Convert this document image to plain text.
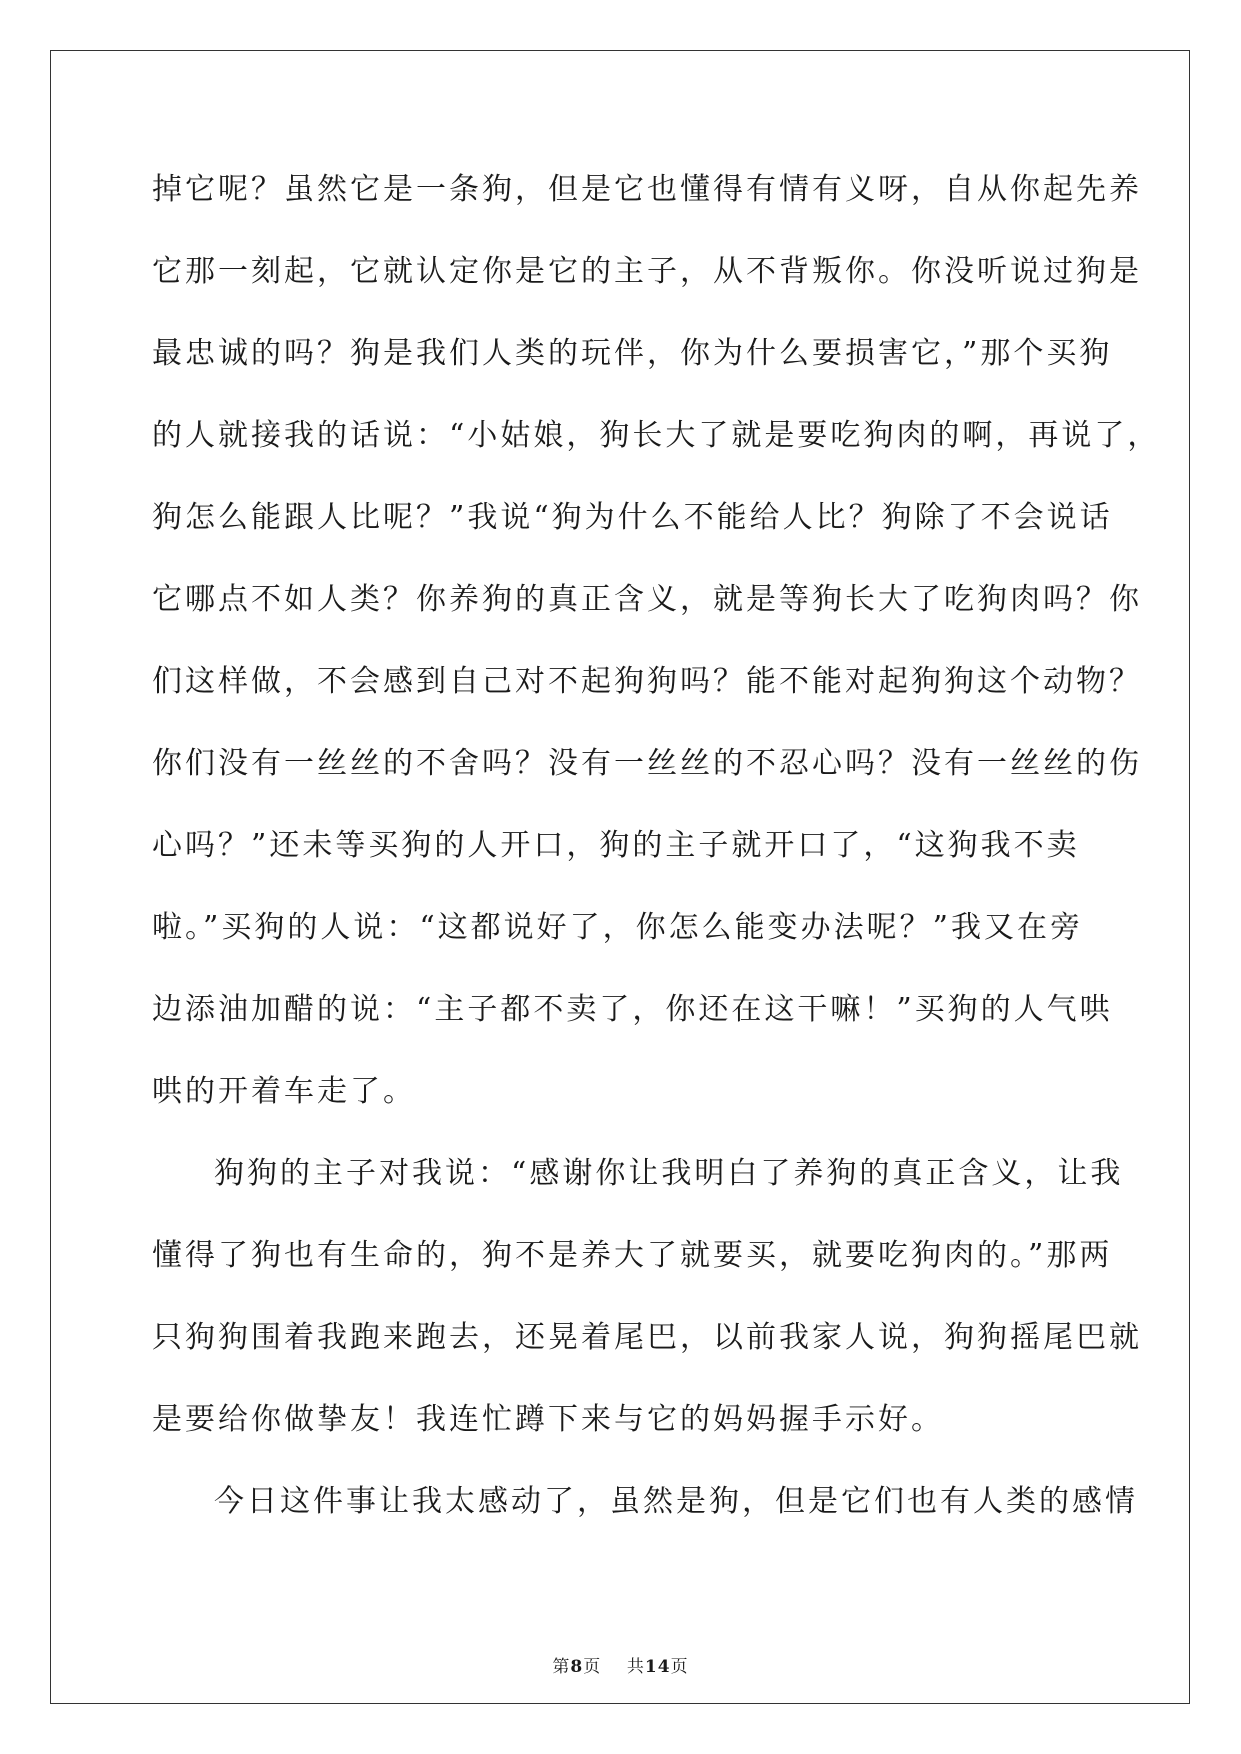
掉它呢？虽然它是一条狗，但是它也懂得有情有义呀，自从你起先养

它那一刻起，它就认定你是它的主子，从不背叛你。你没听说过狗是

最忠诚的吗？狗是我们人类的玩伴，你为什么要损害它，”那个买狗

的人就接我的话说：“小姑娘，狗长大了就是要吃狗肉的啊，再说了，

狗怎么能跟人比呢？”我说“狗为什么不能给人比？狗除了不会说话

它哪点不如人类？你养狗的真正含义，就是等狗长大了吃狗肉吗？你

们这样做，不会感到自己对不起狗狗吗？能不能对起狗狗这个动物？

你们没有一丝丝的不舍吗？没有一丝丝的不忍心吗？没有一丝丝的伤

心吗？”还未等买狗的人开口，狗的主子就开口了，“这狗我不卖

啦。”买狗的人说：“这都说好了，你怎么能变办法呢？”我又在旁

边添油加醋的说：“主子都不卖了，你还在这干嘛！”买狗的人气哄

哄的开着车走了。

狗狗的主子对我说：“感谢你让我明白了养狗的真正含义，让我

懂得了狗也有生命的，狗不是养大了就要买，就要吃狗肉的。”那两

只狗狗围着我跑来跑去，还晃着尾巴，以前我家人说，狗狗摇尾巴就

是要给你做挚友！我连忙蹲下来与它的妈妈握手示好。

今日这件事让我太感动了，虽然是狗，但是它们也有人类的感情

第8页 共14页
